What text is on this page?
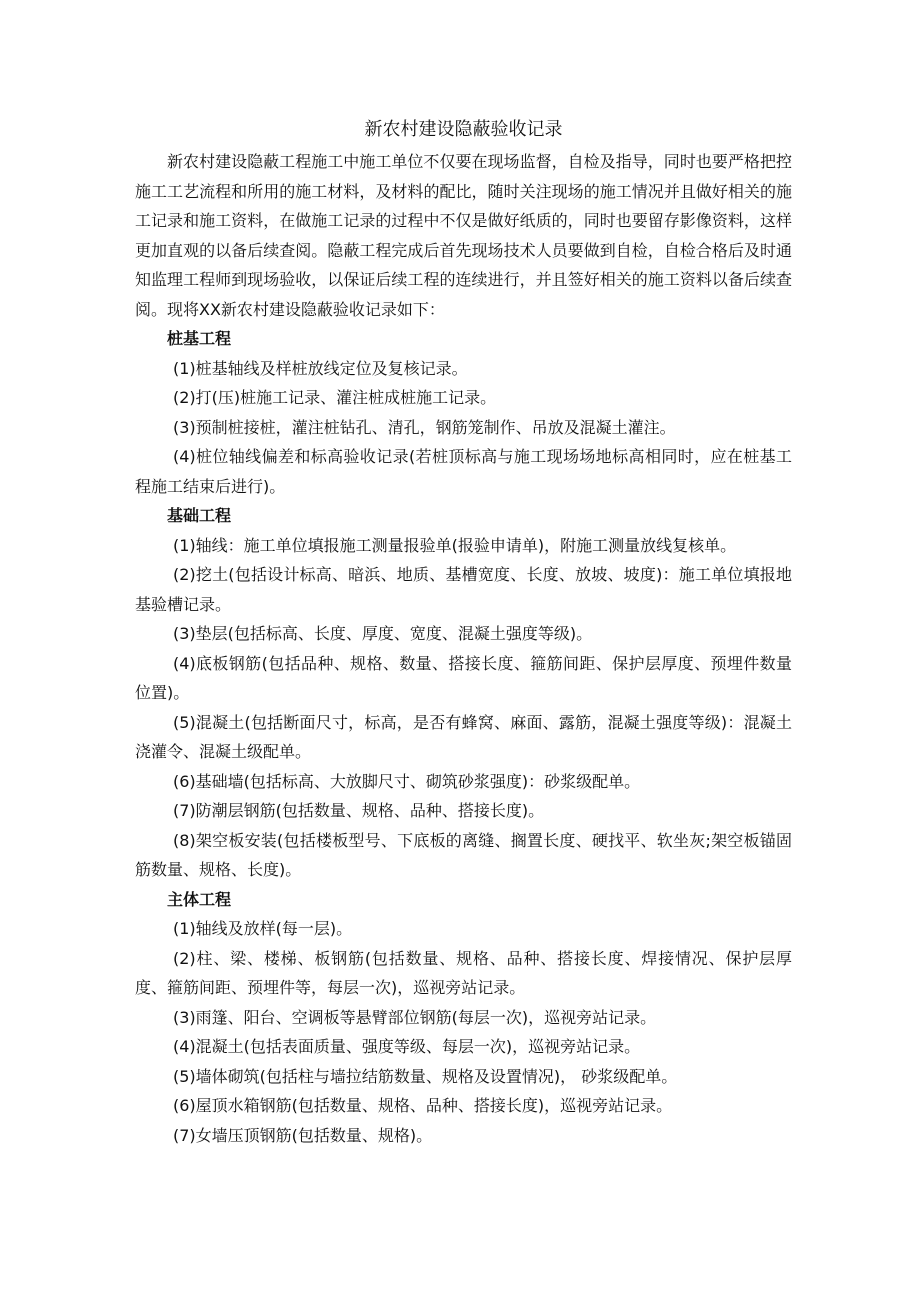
新农村建设隐蔽验收记录

新农村建设隐蔽工程施工中施工单位不仅要在现场监督，自检及指导，同时也要严格把控施工工艺流程和所用的施工材料，及材料的配比，随时关注现场的施工情况并且做好相关的施工记录和施工资料，在做施工记录的过程中不仅是做好纸质的，同时也要留存影像资料，这样更加直观的以备后续查阅。隐蔽工程完成后首先现场技术人员要做到自检，自检合格后及时通知监理工程师到现场验收，以保证后续工程的连续进行，并且签好相关的施工资料以备后续查阅。现将XX新农村建设隐蔽验收记录如下：

桩基工程

(1)桩基轴线及样桩放线定位及复核记录。

(2)打(压)桩施工记录、灌注桩成桩施工记录。

(3)预制桩接桩，灌注桩钻孔、清孔，钢筋笼制作、吊放及混凝土灌注。

(4)桩位轴线偏差和标高验收记录(若桩顶标高与施工现场场地标高相同时，应在桩基工程施工结束后进行)。

基础工程

(1)轴线：施工单位填报施工测量报验单(报验申请单)，附施工测量放线复核单。

(2)挖土(包括设计标高、暗浜、地质、基槽宽度、长度、放坡、坡度)：施工单位填报地基验槽记录。

(3)垫层(包括标高、长度、厚度、宽度、混凝土强度等级)。

(4)底板钢筋(包括品种、规格、数量、搭接长度、箍筋间距、保护层厚度、预埋件数量位置)。

(5)混凝土(包括断面尺寸，标高，是否有蜂窝、麻面、露筋，混凝土强度等级)：混凝土浇灌令、混凝土级配单。

(6)基础墙(包括标高、大放脚尺寸、砌筑砂浆强度)：砂浆级配单。

(7)防潮层钢筋(包括数量、规格、品种、搭接长度)。

(8)架空板安装(包括楼板型号、下底板的离缝、搁置长度、硬找平、软坐灰;架空板锚固筋数量、规格、长度)。

主体工程

(1)轴线及放样(每一层)。

(2)柱、梁、楼梯、板钢筋(包括数量、规格、品种、搭接长度、焊接情况、保护层厚度、箍筋间距、预埋件等，每层一次)，巡视旁站记录。

(3)雨篷、阳台、空调板等悬臂部位钢筋(每层一次)，巡视旁站记录。

(4)混凝土(包括表面质量、强度等级、每层一次)，巡视旁站记录。

(5)墙体砌筑(包括柱与墙拉结筋数量、规格及设置情况)， 砂浆级配单。

(6)屋顶水箱钢筋(包括数量、规格、品种、搭接长度)，巡视旁站记录。

(7)女墙压顶钢筋(包括数量、规格)。
